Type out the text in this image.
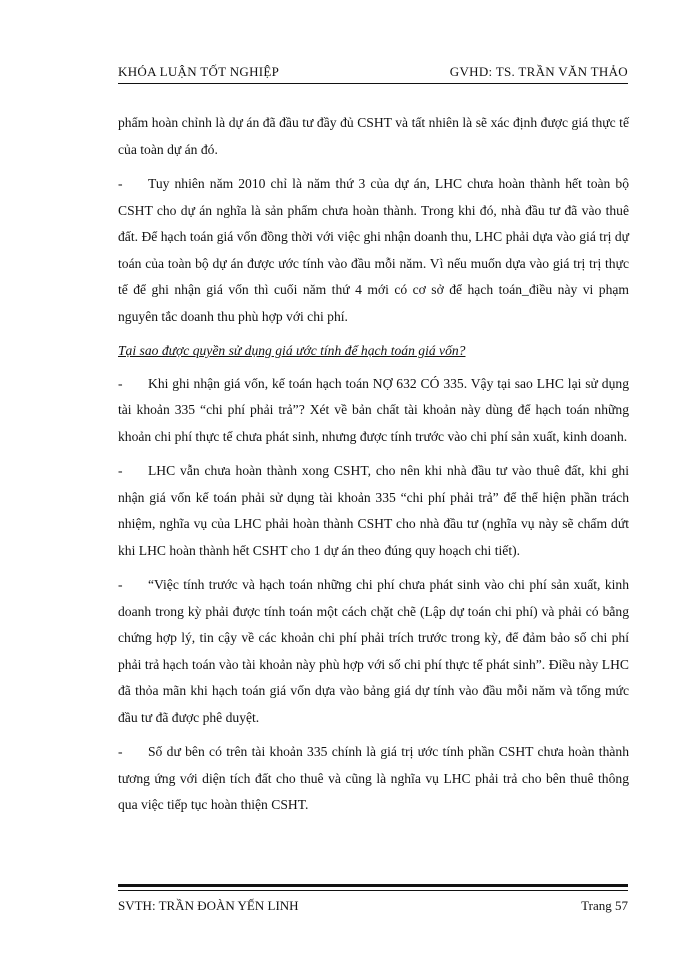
KHÓA LUẬN TỐT NGHIỆP	GVHD: TS. TRẦN VĂN THẢO

phẩm hoàn chỉnh là dự án đã đầu tư đầy đủ CSHT và tất nhiên là sẽ xác định được giá thực tế của toàn dự án đó.

- Tuy nhiên năm 2010 chỉ là năm thứ 3 của dự án, LHC chưa hoàn thành hết toàn bộ CSHT cho dự án nghĩa là sản phẩm chưa hoàn thành. Trong khi đó, nhà đầu tư đã vào thuê đất. Để hạch toán giá vốn đồng thời với việc ghi nhận doanh thu, LHC phải dựa vào giá trị dự toán của toàn bộ dự án được ước tính vào đầu mỗi năm. Vì nếu muốn dựa vào giá trị trị thực tế để ghi nhận giá vốn thì cuối năm thứ 4 mới có cơ sở để hạch toán_điều này vi phạm nguyên tắc doanh thu phù hợp với chi phí.

Tại sao được quyền sử dụng giá ước tính để hạch toán giá vốn?

- Khi ghi nhận giá vốn, kế toán hạch toán NỢ 632 CÓ 335. Vậy tại sao LHC lại sử dụng tài khoản 335 “chi phí phải trả”? Xét về bản chất tài khoản này dùng để hạch toán những khoản chi phí thực tế chưa phát sinh, nhưng được tính trước vào chi phí sản xuất, kinh doanh.

- LHC vẫn chưa hoàn thành xong CSHT, cho nên khi nhà đầu tư vào thuê đất, khi ghi nhận giá vốn kế toán phải sử dụng tài khoản 335 “chi phí phải trả” để thể hiện phần trách nhiệm, nghĩa vụ của LHC phải hoàn thành CSHT cho nhà đầu tư (nghĩa vụ này sẽ chấm dứt khi LHC hoàn thành hết CSHT cho 1 dự án theo đúng quy hoạch chi tiết).

- “Việc tính trước và hạch toán những chi phí chưa phát sinh vào chi phí sản xuất, kinh doanh trong kỳ phải được tính toán một cách chặt chẽ (Lập dự toán chi phí) và phải có bằng chứng hợp lý, tin cậy về các khoản chi phí phải trích trước trong kỳ, để đảm bảo số chi phí phải trả hạch toán vào tài khoản này phù hợp với số chi phí thực tế phát sinh”. Điều này LHC đã thỏa mãn khi hạch toán giá vốn dựa vào bảng giá dự tính vào đầu mỗi năm và tổng mức đầu tư đã được phê duyệt.

- Số dư bên có trên tài khoản 335 chính là giá trị ước tính phần CSHT chưa hoàn thành tương ứng với diện tích đất cho thuê và cũng là nghĩa vụ LHC phải trả cho bên thuê thông qua việc tiếp tục hoàn thiện CSHT.

SVTH: TRẦN ĐOÀN YẾN LINH	Trang 57
